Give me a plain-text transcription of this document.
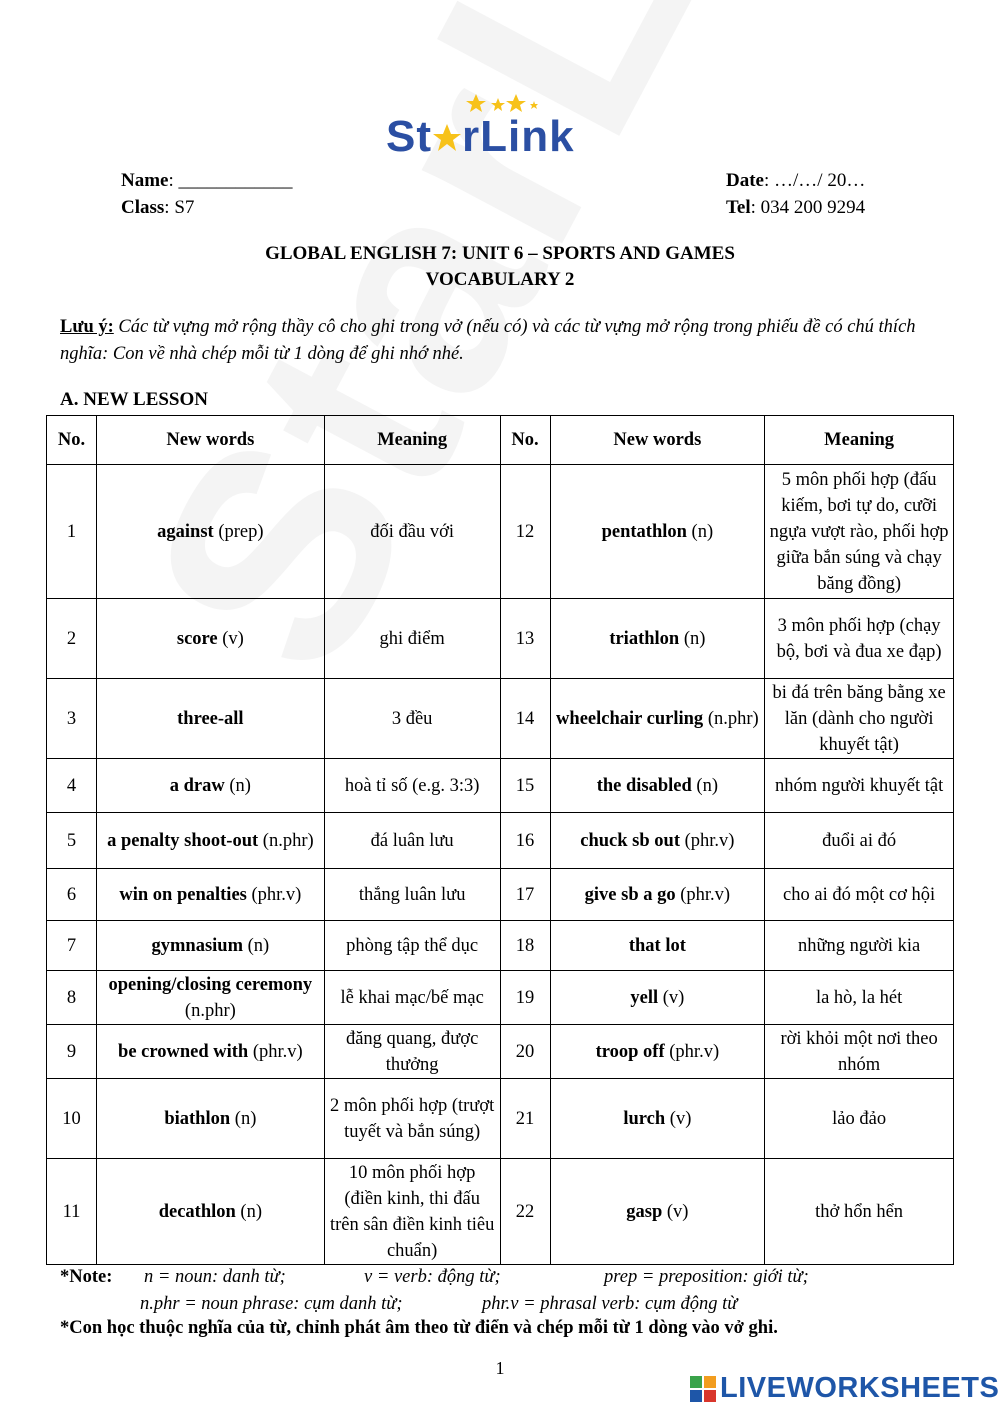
St rLink
Name: ____________
Class: S7
Date: …/…/ 20…
Tel: 034 200 9294
GLOBAL ENGLISH 7: UNIT 6 – SPORTS AND GAMES
VOCABULARY 2
Lưu ý: Các từ vựng mở rộng thầy cô cho ghi trong vở (nếu có) và các từ vựng mở rộng trong phiếu đề có chú thích nghĩa: Con về nhà chép mỗi từ 1 dòng để ghi nhớ nhé.
A. NEW LESSON
No.	New words	Meaning	No.	New words	Meaning
1	against (prep)	đối đầu với	12	pentathlon (n)	5 môn phối hợp (đấu kiếm, bơi tự do, cưỡi ngựa vượt rào, phối hợp giữa bắn súng và chạy băng đồng)
2	score (v)	ghi điểm	13	triathlon (n)	3 môn phối hợp (chạy bộ, bơi và đua xe đạp)
3	three-all	3 đều	14	wheelchair curling (n.phr)	bi đá trên băng bằng xe lăn (dành cho người khuyết tật)
4	a draw (n)	hoà tỉ số (e.g. 3:3)	15	the disabled (n)	nhóm người khuyết tật
5	a penalty shoot-out (n.phr)	đá luân lưu	16	chuck sb out (phr.v)	đuổi ai đó
6	win on penalties (phr.v)	thắng luân lưu	17	give sb a go (phr.v)	cho ai đó một cơ hội
7	gymnasium (n)	phòng tập thể dục	18	that lot	những người kia
8	opening/closing ceremony (n.phr)	lễ khai mạc/bế mạc	19	yell (v)	la hò, la hét
9	be crowned with (phr.v)	đăng quang, được thưởng	20	troop off (phr.v)	rời khỏi một nơi theo nhóm
10	biathlon (n)	2 môn phối hợp (trượt tuyết và bắn súng)	21	lurch (v)	lảo đảo
11	decathlon (n)	10 môn phối hợp (điền kinh, thi đấu trên sân điền kinh tiêu chuẩn)	22	gasp (v)	thở hổn hển
*Note: n = noun: danh từ;	v = verb: động từ;	prep = preposition: giới từ;
n.phr = noun phrase: cụm danh từ;	phr.v = phrasal verb: cụm động từ
*Con học thuộc nghĩa của từ, chỉnh phát âm theo từ điển và chép mỗi từ 1 dòng vào vở ghi.
1
LIVEWORKSHEETS
